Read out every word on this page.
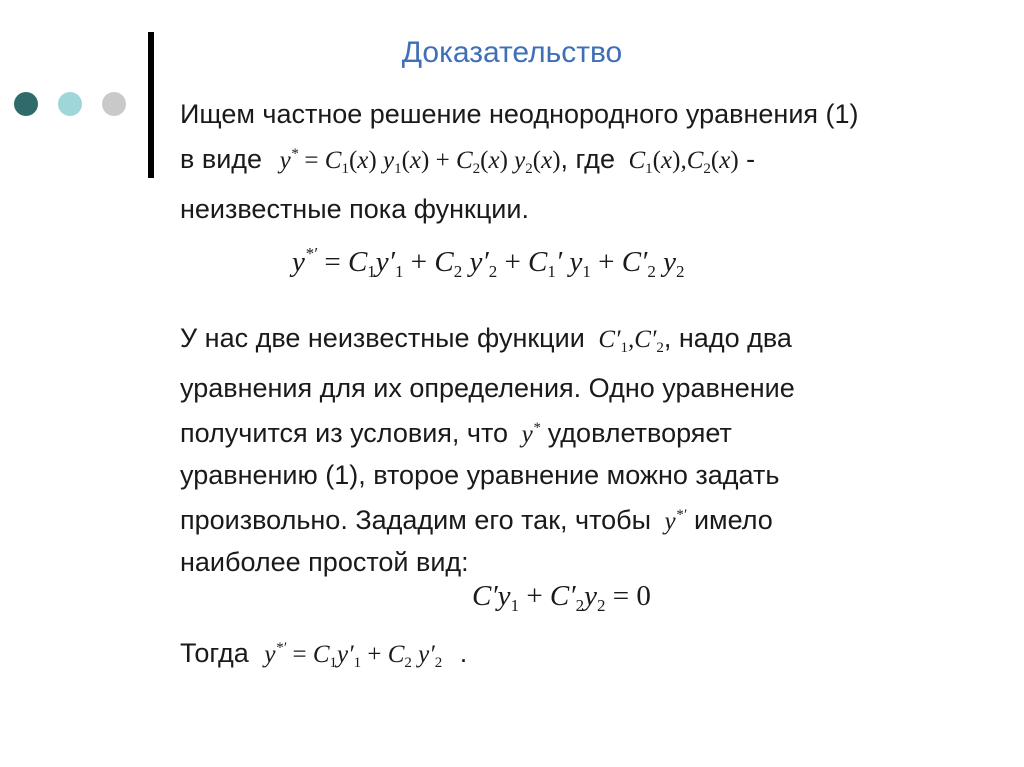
Доказательство
Ищем частное решение неоднородного уравнения (1)
в виде $y^* = C_1(x) y_1(x) + C_2(x)$ $y_2(x)$, где $C_1(x),C_2(x)$ -
неизвестные пока функции.
$y^{*'} = C_1y'_1 + C_2$ $y'_2 + C_1'$ $y_1 + C'_2$ $y_2$
У нас две неизвестные функции $C'_1,C'_2$, надо два
уравнения для их определения. Одно уравнение
получится из условия, что y* удовлетворяет
уравнению (1), второе уравнение можно задать
произвольно. Зададим его так, чтобы y*′ имело
наиболее простой вид:
$C'y_1 + C'_2y_2 = 0$
Тогда $y^{*'} = C_1y'_1 + C_2$ $y'_2$ .
